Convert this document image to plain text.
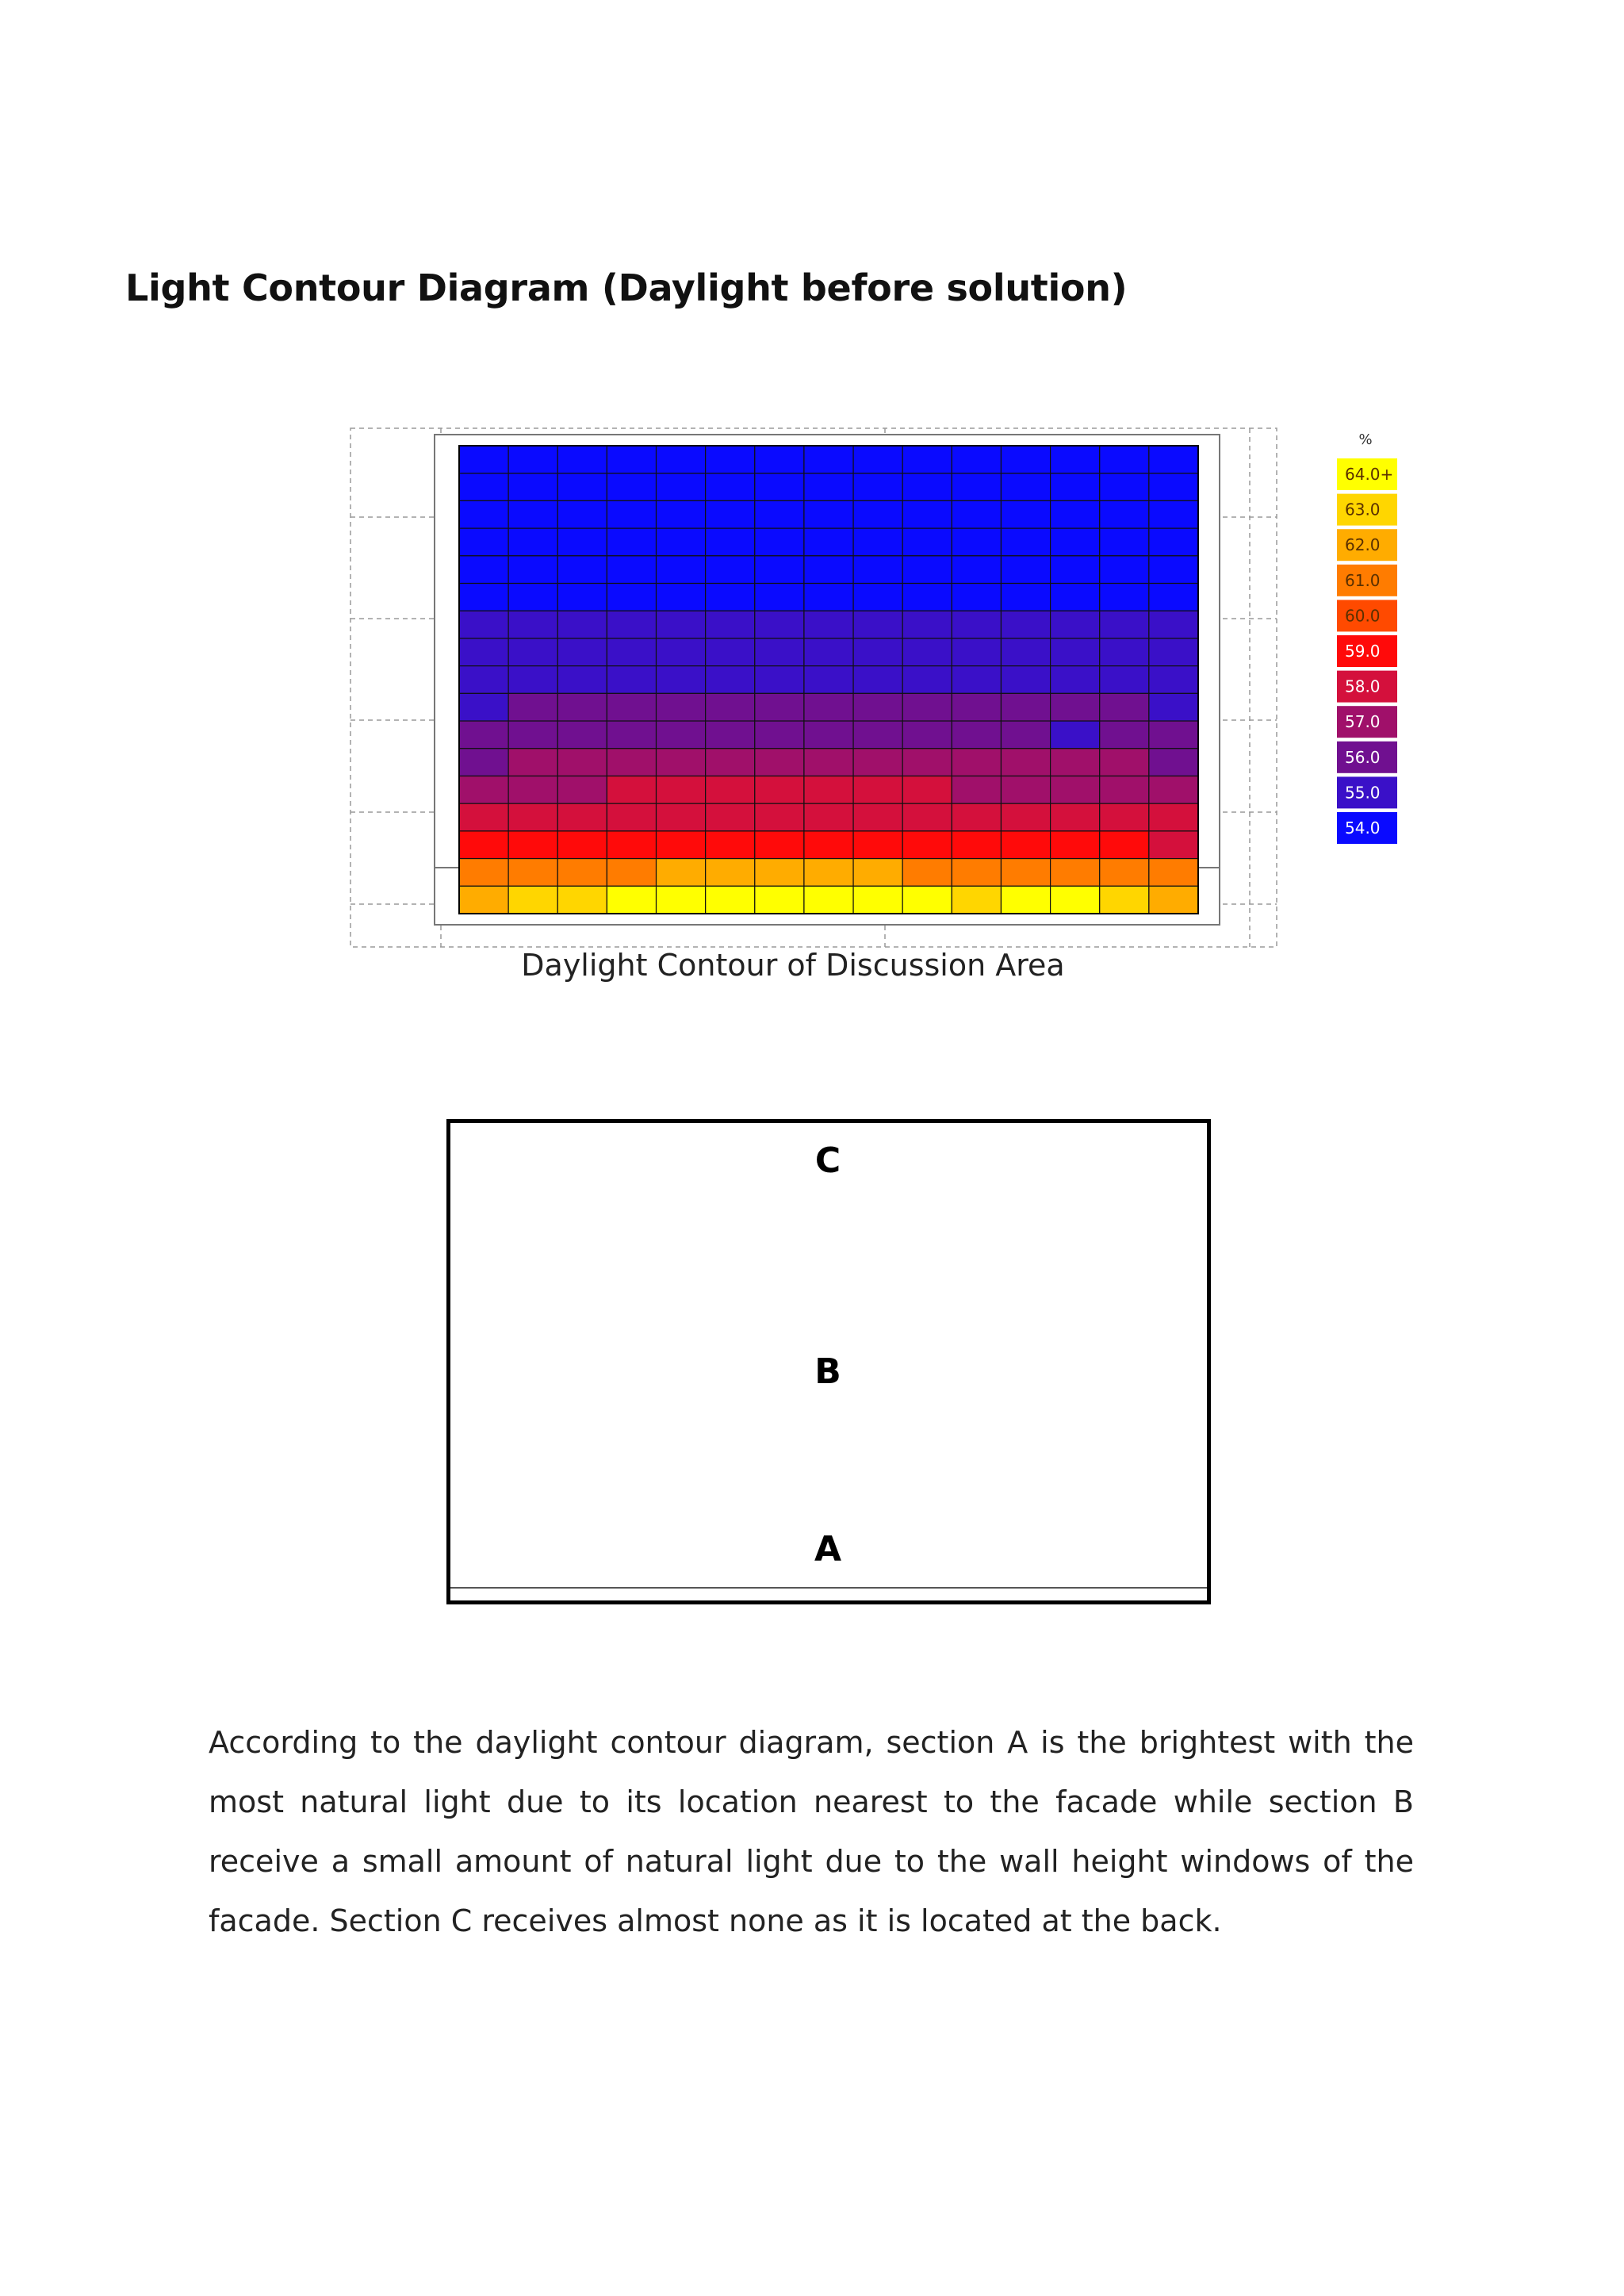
Light Contour Diagram (Daylight before solution)
Daylight Contour of Discussion Area
C
B
A

According to the daylight contour diagram, section A is the brightest with the most natural light due to its location nearest to the facade while section B receive a small amount of natural light due to the wall height windows of the facade. Section C receives almost none as it is located at the back.

%
64.0+
63.0
62.0
61.0
60.0
59.0
58.0
57.0
56.0
55.0
54.0
